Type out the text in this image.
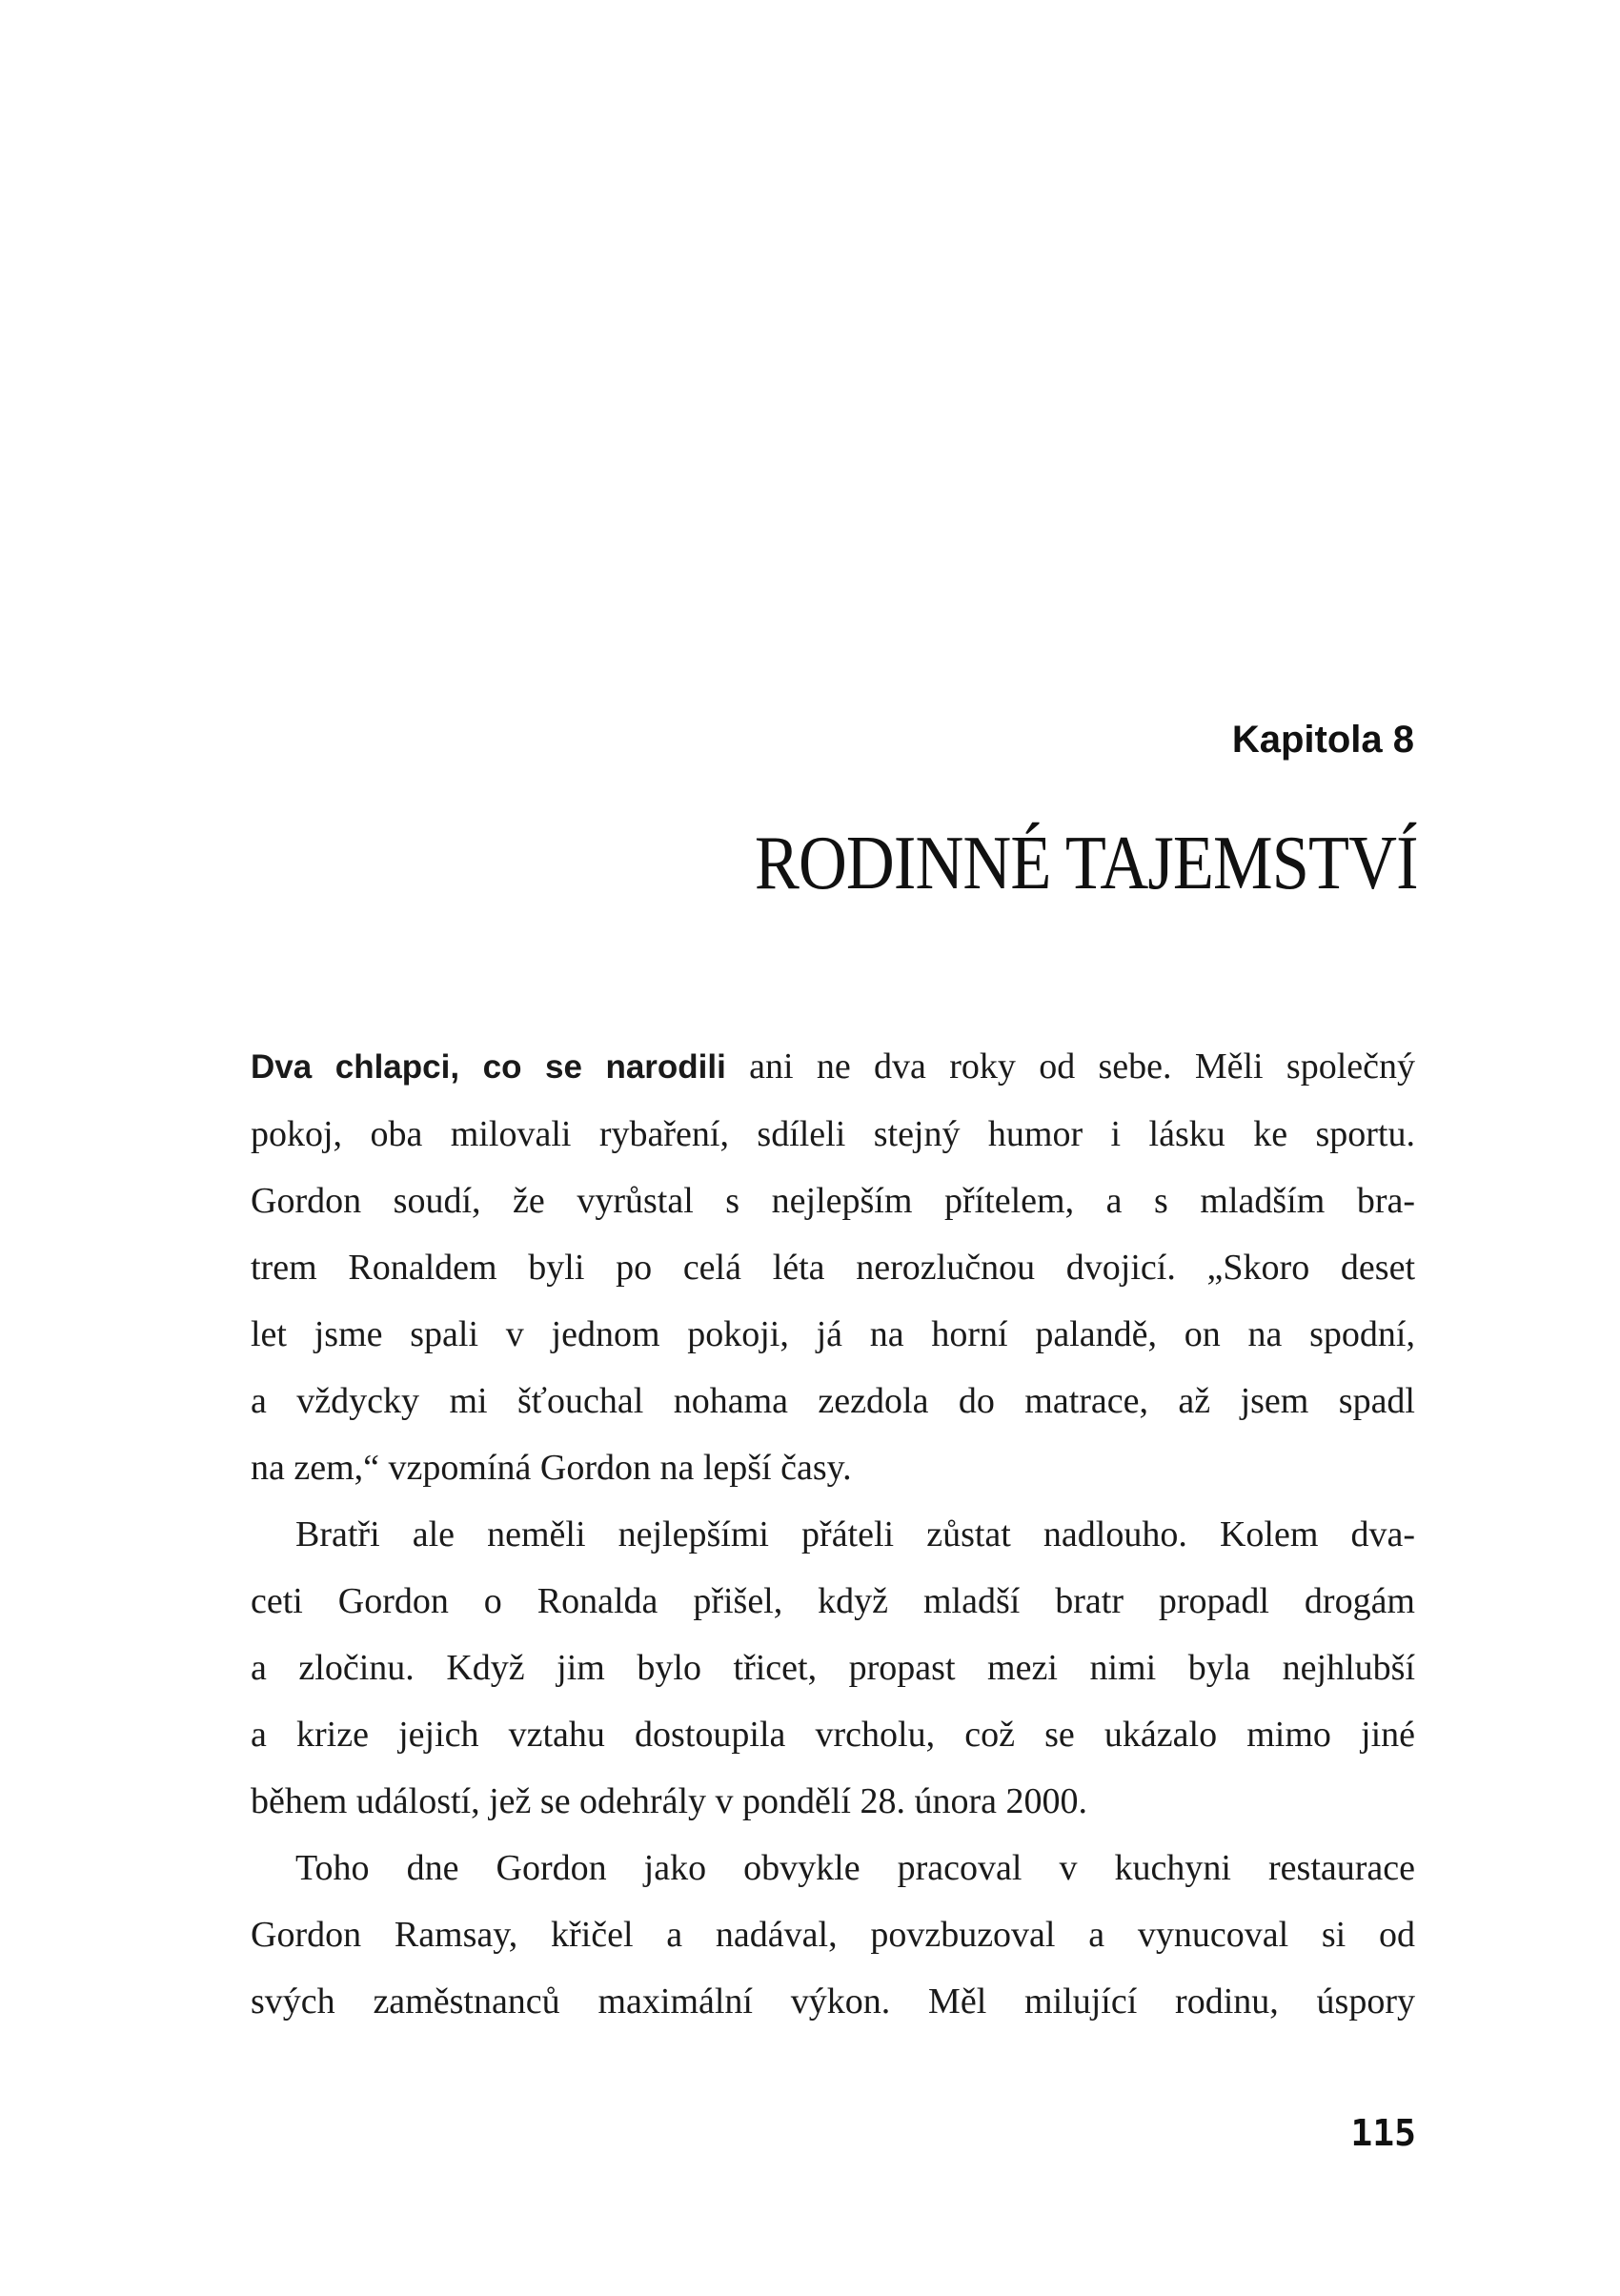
Kapitola 8
RODINNÉ TAJEMSTVÍ
Dva chlapci, co se narodili ani ne dva roky od sebe. Měli společný
pokoj, oba milovali rybaření, sdíleli stejný humor i lásku ke sportu.
Gordon soudí, že vyrůstal s nejlepším přítelem, a s mladším bra-
trem Ronaldem byli po celá léta nerozlučnou dvojicí. „Skoro deset
let jsme spali v jednom pokoji, já na horní palandě, on na spodní,
a vždycky mi šťouchal nohama zezdola do matrace, až jsem spadl
na zem,“ vzpomíná Gordon na lepší časy.
Bratři ale neměli nejlepšími přáteli zůstat nadlouho. Kolem dva-
ceti Gordon o Ronalda přišel, když mladší bratr propadl drogám
a zločinu. Když jim bylo třicet, propast mezi nimi byla nejhlubší
a krize jejich vztahu dostoupila vrcholu, což se ukázalo mimo jiné
během událostí, jež se odehrály v pondělí 28. února 2000.
Toho dne Gordon jako obvykle pracoval v kuchyni restaurace
Gordon Ramsay, křičel a nadával, povzbuzoval a vynucoval si od
svých zaměstnanců maximální výkon. Měl milující rodinu, úspory
115
